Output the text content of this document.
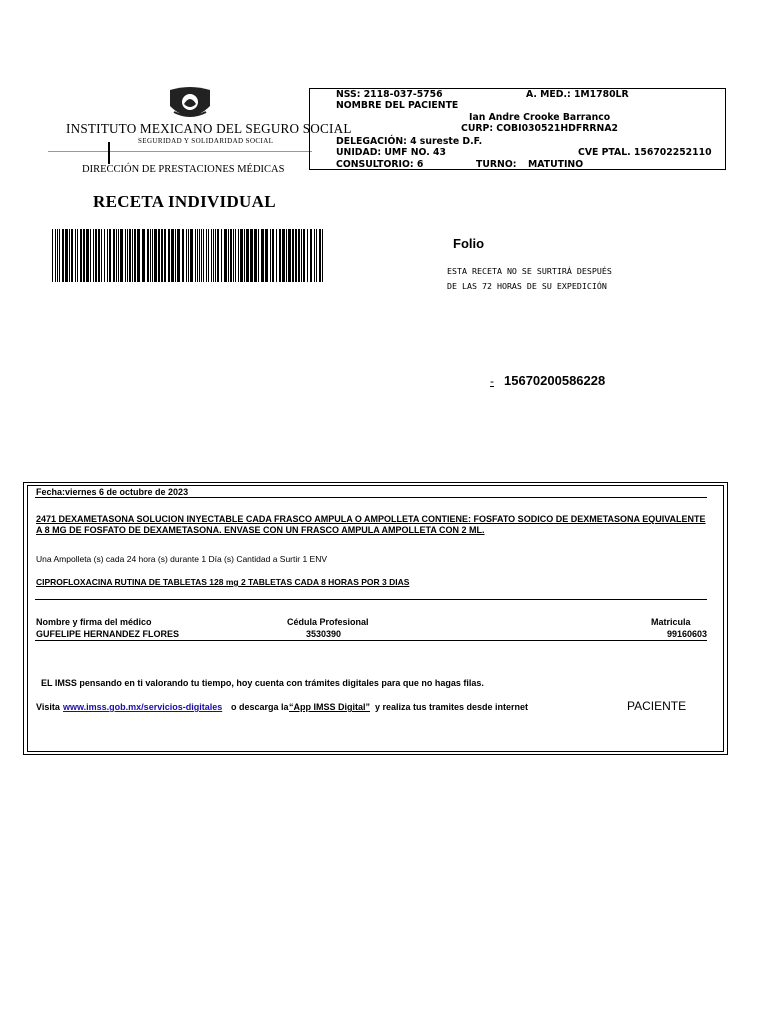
INSTITUTO MEXICANO DEL SEGURO SOCIAL
SEGURIDAD Y SOLIDARIDAD SOCIAL
DIRECCIÓN DE PRESTACIONES MÉDICAS
NSS: 2118-037-5756	A. MED.: 1M1780LR
NOMBRE DEL PACIENTE
Ian Andre Crooke Barranco
CURP: COBI030521HDFRRNA2
DELEGACIÓN: 4 sureste D.F.
UNIDAD: UMF NO. 43	CVE PTAL. 156702252110
CONSULTORIO: 6	TURNO: MATUTINO
RECETA INDIVIDUAL
Folio
ESTA RECETA NO SE SURTIRÁ DESPUÉS
DE LAS 72 HORAS DE SU EXPEDICIÓN
- 15670200586228
Fecha:viernes 6 de octubre de 2023
2471 DEXAMETASONA SOLUCION INYECTABLE CADA FRASCO AMPULA O AMPOLLETA CONTIENE: FOSFATO SODICO DE DEXMETASONA EQUIVALENTE
A 8 MG DE FOSFATO DE DEXAMETASONA. ENVASE CON UN FRASCO AMPULA AMPOLLETA CON 2 ML.
Una Ampolleta (s) cada 24 hora (s) durante 1 Día (s) Cantidad a Surtir 1 ENV
CIPROFLOXACINA RUTINA DE TABLETAS 128 mg 2 TABLETAS CADA 8 HORAS POR 3 DIAS
Nombre y firma del médico	Cédula Profesional	Matricula
GUFELIPE HERNANDEZ FLORES	3530390	99160603
EL IMSS pensando en ti valorando tu tiempo, hoy cuenta con trámites digitales para que no hagas filas.
Visita www.imss.gob.mx/servicios-digitales o descarga la “App IMSS Digital” y realiza tus tramites desde internet	PACIENTE
